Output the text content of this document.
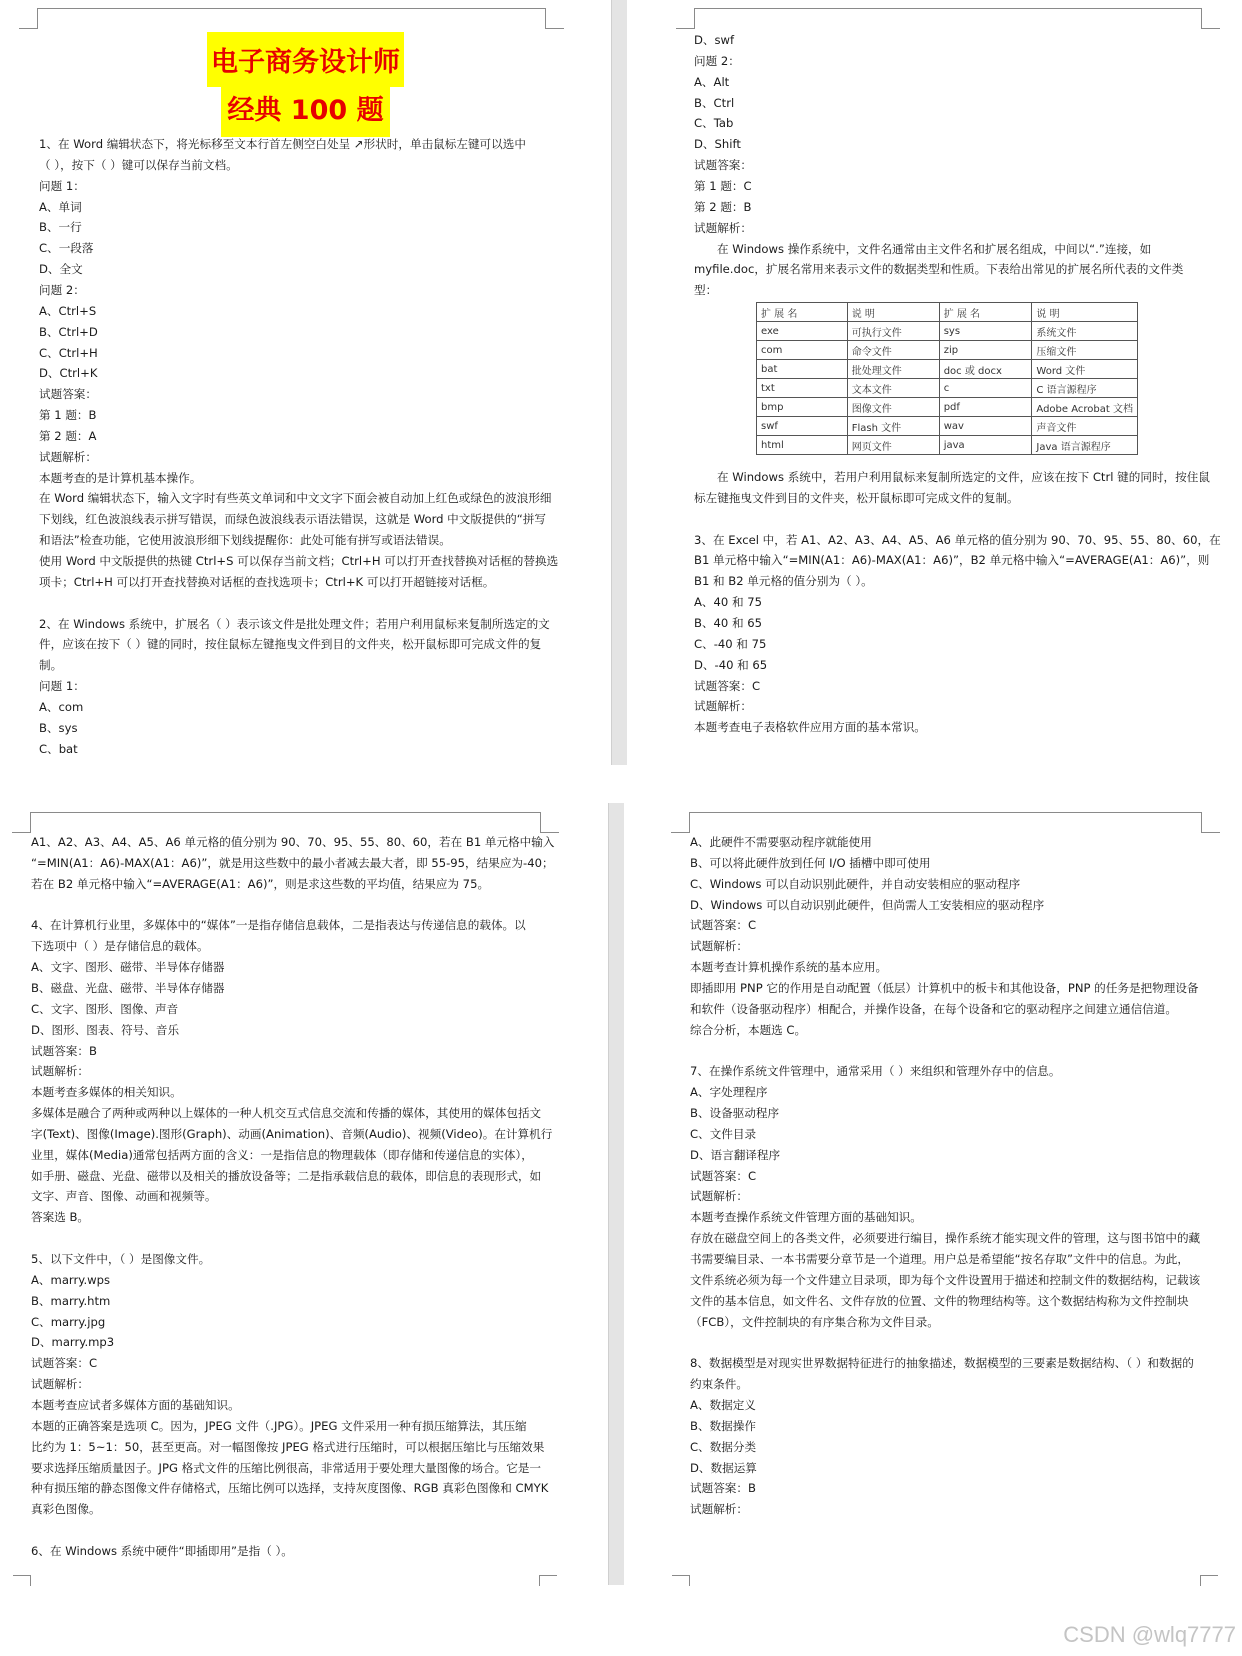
电子商务设计师
经典 100 题
1、在 Word 编辑状态下，将光标移至文本行首左侧空白处呈 ↗形状时，单击鼠标左键可以选中
（ ），按下（ ）键可以保存当前文档。
问题 1：
A、单词
B、一行
C、一段落
D、全文
问题 2：
A、Ctrl+S
B、Ctrl+D
C、Ctrl+H
D、Ctrl+K
试题答案：
第 1 题：B
第 2 题：A
试题解析：
本题考查的是计算机基本操作。
在 Word 编辑状态下，输入文字时有些英文单词和中文文字下面会被自动加上红色或绿色的波浪形细
下划线，红色波浪线表示拼写错误，而绿色波浪线表示语法错误，这就是 Word 中文版提供的“拼写
和语法”检查功能，它使用波浪形细下划线提醒你：此处可能有拼写或语法错误。
使用 Word 中文版提供的热键 Ctrl+S 可以保存当前文档；Ctrl+H 可以打开查找替换对话框的替换选
项卡；Ctrl+H 可以打开查找替换对话框的查找选项卡；Ctrl+K 可以打开超链接对话框。
2、在 Windows 系统中，扩展名（ ）表示该文件是批处理文件；若用户利用鼠标来复制所选定的文
件，应该在按下（ ）键的同时，按住鼠标左键拖曳文件到目的文件夹，松开鼠标即可完成文件的复
制。
问题 1：
A、com
B、sys
C、bat
D、swf
问题 2：
A、Alt
B、Ctrl
C、Tab
D、Shift
试题答案：
第 1 题：C
第 2 题：B
试题解析：
在 Windows 操作系统中，文件名通常由主文件名和扩展名组成，中间以“.”连接，如
myfile.doc，扩展名常用来表示文件的数据类型和性质。下表给出常见的扩展名所代表的文件类
型：
在 Windows 系统中，若用户利用鼠标来复制所选定的文件，应该在按下 Ctrl 键的同时，按住鼠
标左键拖曳文件到目的文件夹，松开鼠标即可完成文件的复制。
3、在 Excel 中，若 A1、A2、A3、A4、A5、A6 单元格的值分别为 90、70、95、55、80、60，在
B1 单元格中输入“=MIN(A1：A6)-MAX(A1：A6)”，B2 单元格中输入“=AVERAGE(A1：A6)”，则
B1 和 B2 单元格的值分别为（ ）。
A、40 和 75
B、40 和 65
C、-40 和 75
D、-40 和 65
试题答案：C
试题解析：
本题考查电子表格软件应用方面的基本常识。
扩 展 名	说 明	扩 展 名	说 明
exe	可执行文件	sys	系统文件
com	命令文件	zip	压缩文件
bat	批处理文件	doc 或 docx	Word 文件
txt	文本文件	c	C 语言源程序
bmp	图像文件	pdf	Adobe Acrobat 文档
swf	Flash 文件	wav	声音文件
html	网页文件	java	Java 语言源程序
A1、A2、A3、A4、A5、A6 单元格的值分别为 90、70、95、55、80、60，若在 B1 单元格中输入
“=MIN(A1：A6)-MAX(A1：A6)”，就是用这些数中的最小者减去最大者，即 55-95，结果应为-40；
若在 B2 单元格中输入“=AVERAGE(A1：A6)”，则是求这些数的平均值，结果应为 75。
4、在计算机行业里，多媒体中的“媒体”一是指存储信息载体，二是指表达与传递信息的载体。以
下选项中（ ）是存储信息的载体。
A、文字、图形、磁带、半导体存储器
B、磁盘、光盘、磁带、半导体存储器
C、文字、图形、图像、声音
D、图形、图表、符号、音乐
试题答案：B
试题解析：
本题考查多媒体的相关知识。
多媒体是融合了两种或两种以上媒体的一种人机交互式信息交流和传播的媒体，其使用的媒体包括文
字(Text)、图像(Image).图形(Graph)、动画(Animation)、音频(Audio)、视频(Video)。在计算机行
业里，媒体(Media)通常包括两方面的含义：一是指信息的物理载体（即存储和传递信息的实体），
如手册、磁盘、光盘、磁带以及相关的播放设备等；二是指承载信息的载体，即信息的表现形式，如
文字、声音、图像、动画和视频等。
答案选 B。
5、以下文件中，（ ）是图像文件。
A、marry.wps
B、marry.htm
C、marry.jpg
D、marry.mp3
试题答案：C
试题解析：
本题考查应试者多媒体方面的基础知识。
本题的正确答案是选项 C。因为，JPEG 文件（.JPG）。JPEG 文件采用一种有损压缩算法，其压缩
比约为 1：5~1：50，甚至更高。对一幅图像按 JPEG 格式进行压缩时，可以根据压缩比与压缩效果
要求选择压缩质量因子。JPG 格式文件的压缩比例很高，非常适用于要处理大量图像的场合。它是一
种有损压缩的静态图像文件存储格式，压缩比例可以选择，支持灰度图像、RGB 真彩色图像和 CMYK
真彩色图像。
6、在 Windows 系统中硬件“即插即用”是指（ ）。
A、此硬件不需要驱动程序就能使用
B、可以将此硬件放到任何 I/O 插槽中即可使用
C、Windows 可以自动识别此硬件，并自动安装相应的驱动程序
D、Windows 可以自动识别此硬件，但尚需人工安装相应的驱动程序
试题答案：C
试题解析：
本题考查计算机操作系统的基本应用。
即插即用 PNP 它的作用是自动配置（低层）计算机中的板卡和其他设备，PNP 的任务是把物理设备
和软件（设备驱动程序）相配合，并操作设备，在每个设备和它的驱动程序之间建立通信信道。
综合分析，本题选 C。
7、在操作系统文件管理中，通常采用（ ）来组织和管理外存中的信息。
A、字处理程序
B、设备驱动程序
C、文件目录
D、语言翻译程序
试题答案：C
试题解析：
本题考查操作系统文件管理方面的基础知识。
存放在磁盘空间上的各类文件，必须要进行编目，操作系统才能实现文件的管理，这与图书馆中的藏
书需要编目录、一本书需要分章节是一个道理。用户总是希望能“按名存取”文件中的信息。为此，
文件系统必须为每一个文件建立目录项，即为每个文件设置用于描述和控制文件的数据结构，记载该
文件的基本信息，如文件名、文件存放的位置、文件的物理结构等。这个数据结构称为文件控制块
（FCB），文件控制块的有序集合称为文件目录。
8、数据模型是对现实世界数据特征进行的抽象描述，数据模型的三要素是数据结构、（ ）和数据的
约束条件。
A、数据定义
B、数据操作
C、数据分类
D、数据运算
试题答案：B
试题解析：
CSDN @wlq7777
